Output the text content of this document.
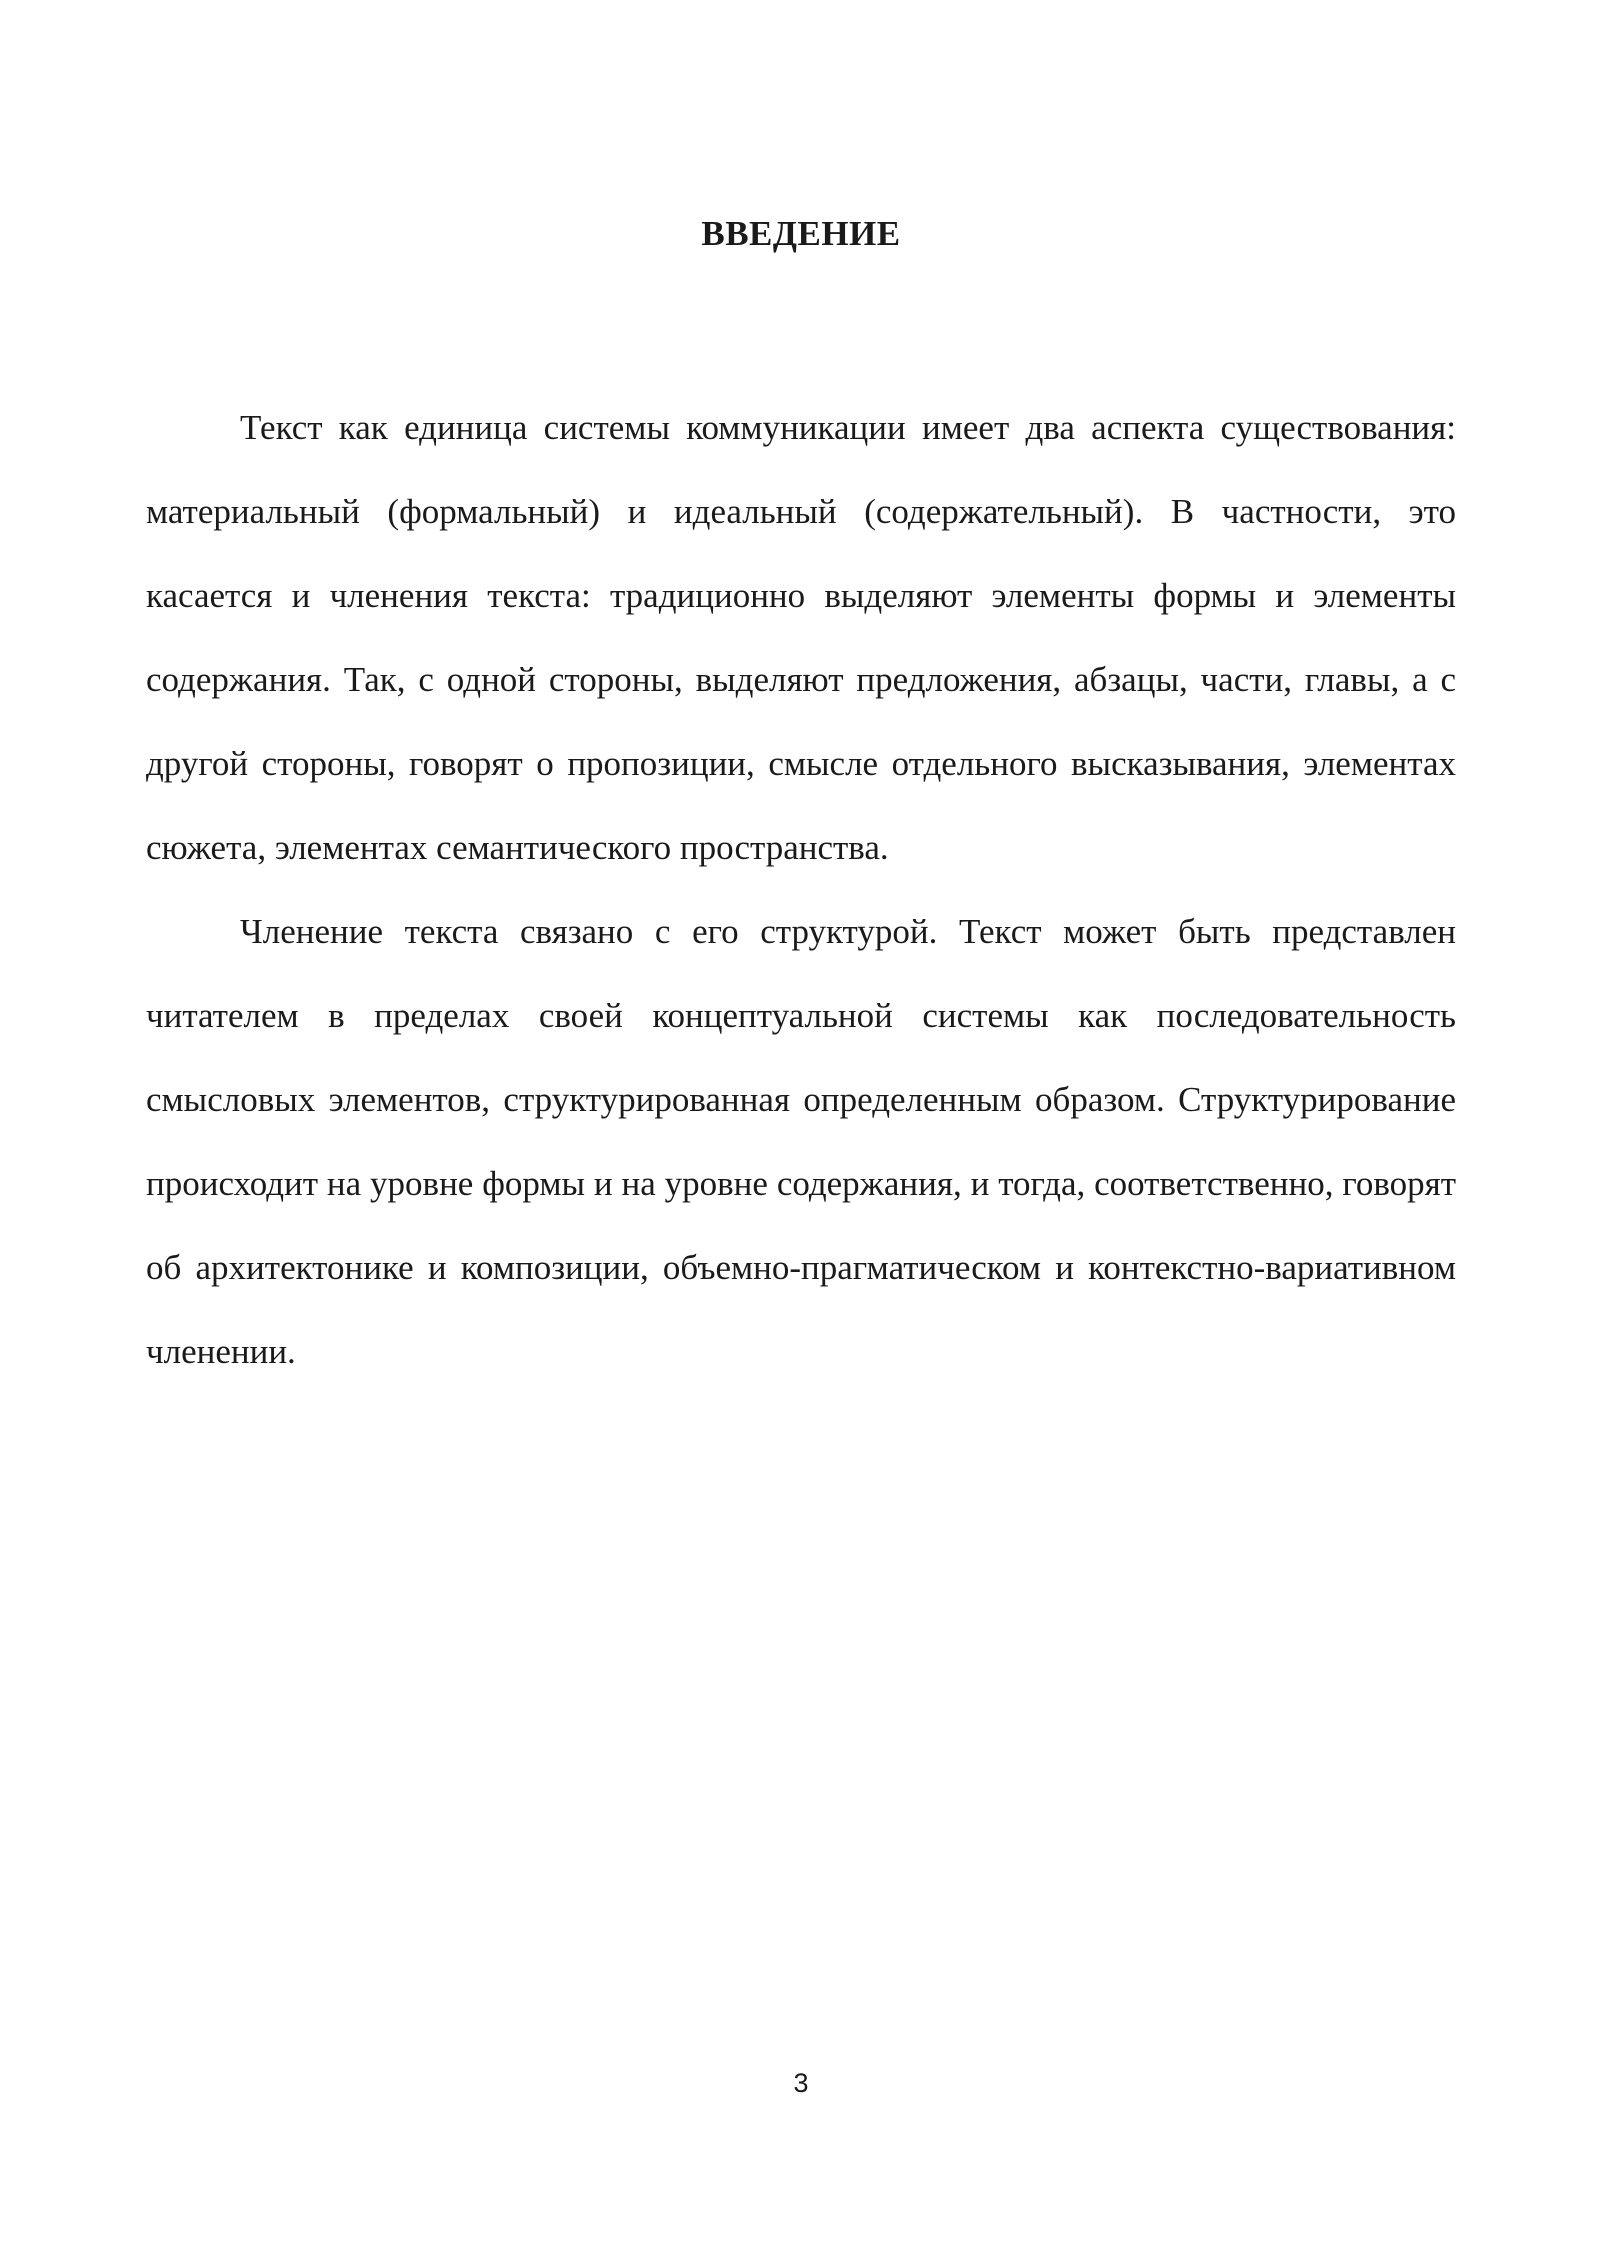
ВВЕДЕНИЕ

Текст как единица системы коммуникации имеет два аспекта существования: материальный (формальный) и идеальный (содержательный). В частности, это касается и членения текста: традиционно выделяют элементы формы и элементы содержания. Так, с одной стороны, выделяют предложения, абзацы, части, главы, а с другой стороны, говорят о пропозиции, смысле отдельного высказывания, элементах сюжета, элементах семантического пространства.

Членение текста связано с его структурой. Текст может быть представлен читателем в пределах своей концептуальной системы как последовательность смысловых элементов, структурированная определенным образом. Структурирование происходит на уровне формы и на уровне содержания, и тогда, соответственно, говорят об архитектонике и композиции, объемно-прагматическом и контекстно-вариативном членении.

3
